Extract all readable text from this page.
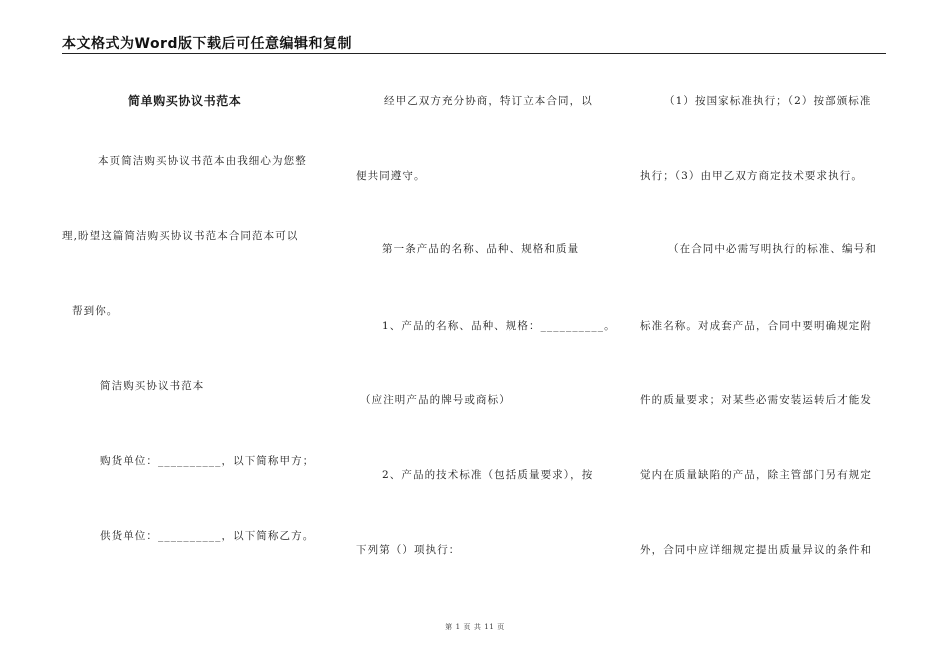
本文格式为Word版下载后可任意编辑和复制
简单购买协议书范本
本页简洁购买协议书范本由我细心为您整
理,盼望这篇简洁购买协议书范本合同范本可以
帮到你。
简洁购买协议书范本
购货单位：__________，以下简称甲方；
供货单位：__________，以下简称乙方。
经甲乙双方充分协商，特订立本合同，以
便共同遵守。
第一条产品的名称、品种、规格和质量
1、产品的名称、品种、规格：__________。
（应注明产品的牌号或商标）
2、产品的技术标准（包括质量要求），按
下列第（）项执行：
（1）按国家标准执行；（2）按部颁标准
执行；（3）由甲乙双方商定技术要求执行。
（在合同中必需写明执行的标准、编号和
标准名称。对成套产品，合同中要明确规定附
件的质量要求；对某些必需安装运转后才能发
觉内在质量缺陷的产品，除主管部门另有规定
外，合同中应详细规定提出质量异议的条件和
第 1 页 共 11 页
